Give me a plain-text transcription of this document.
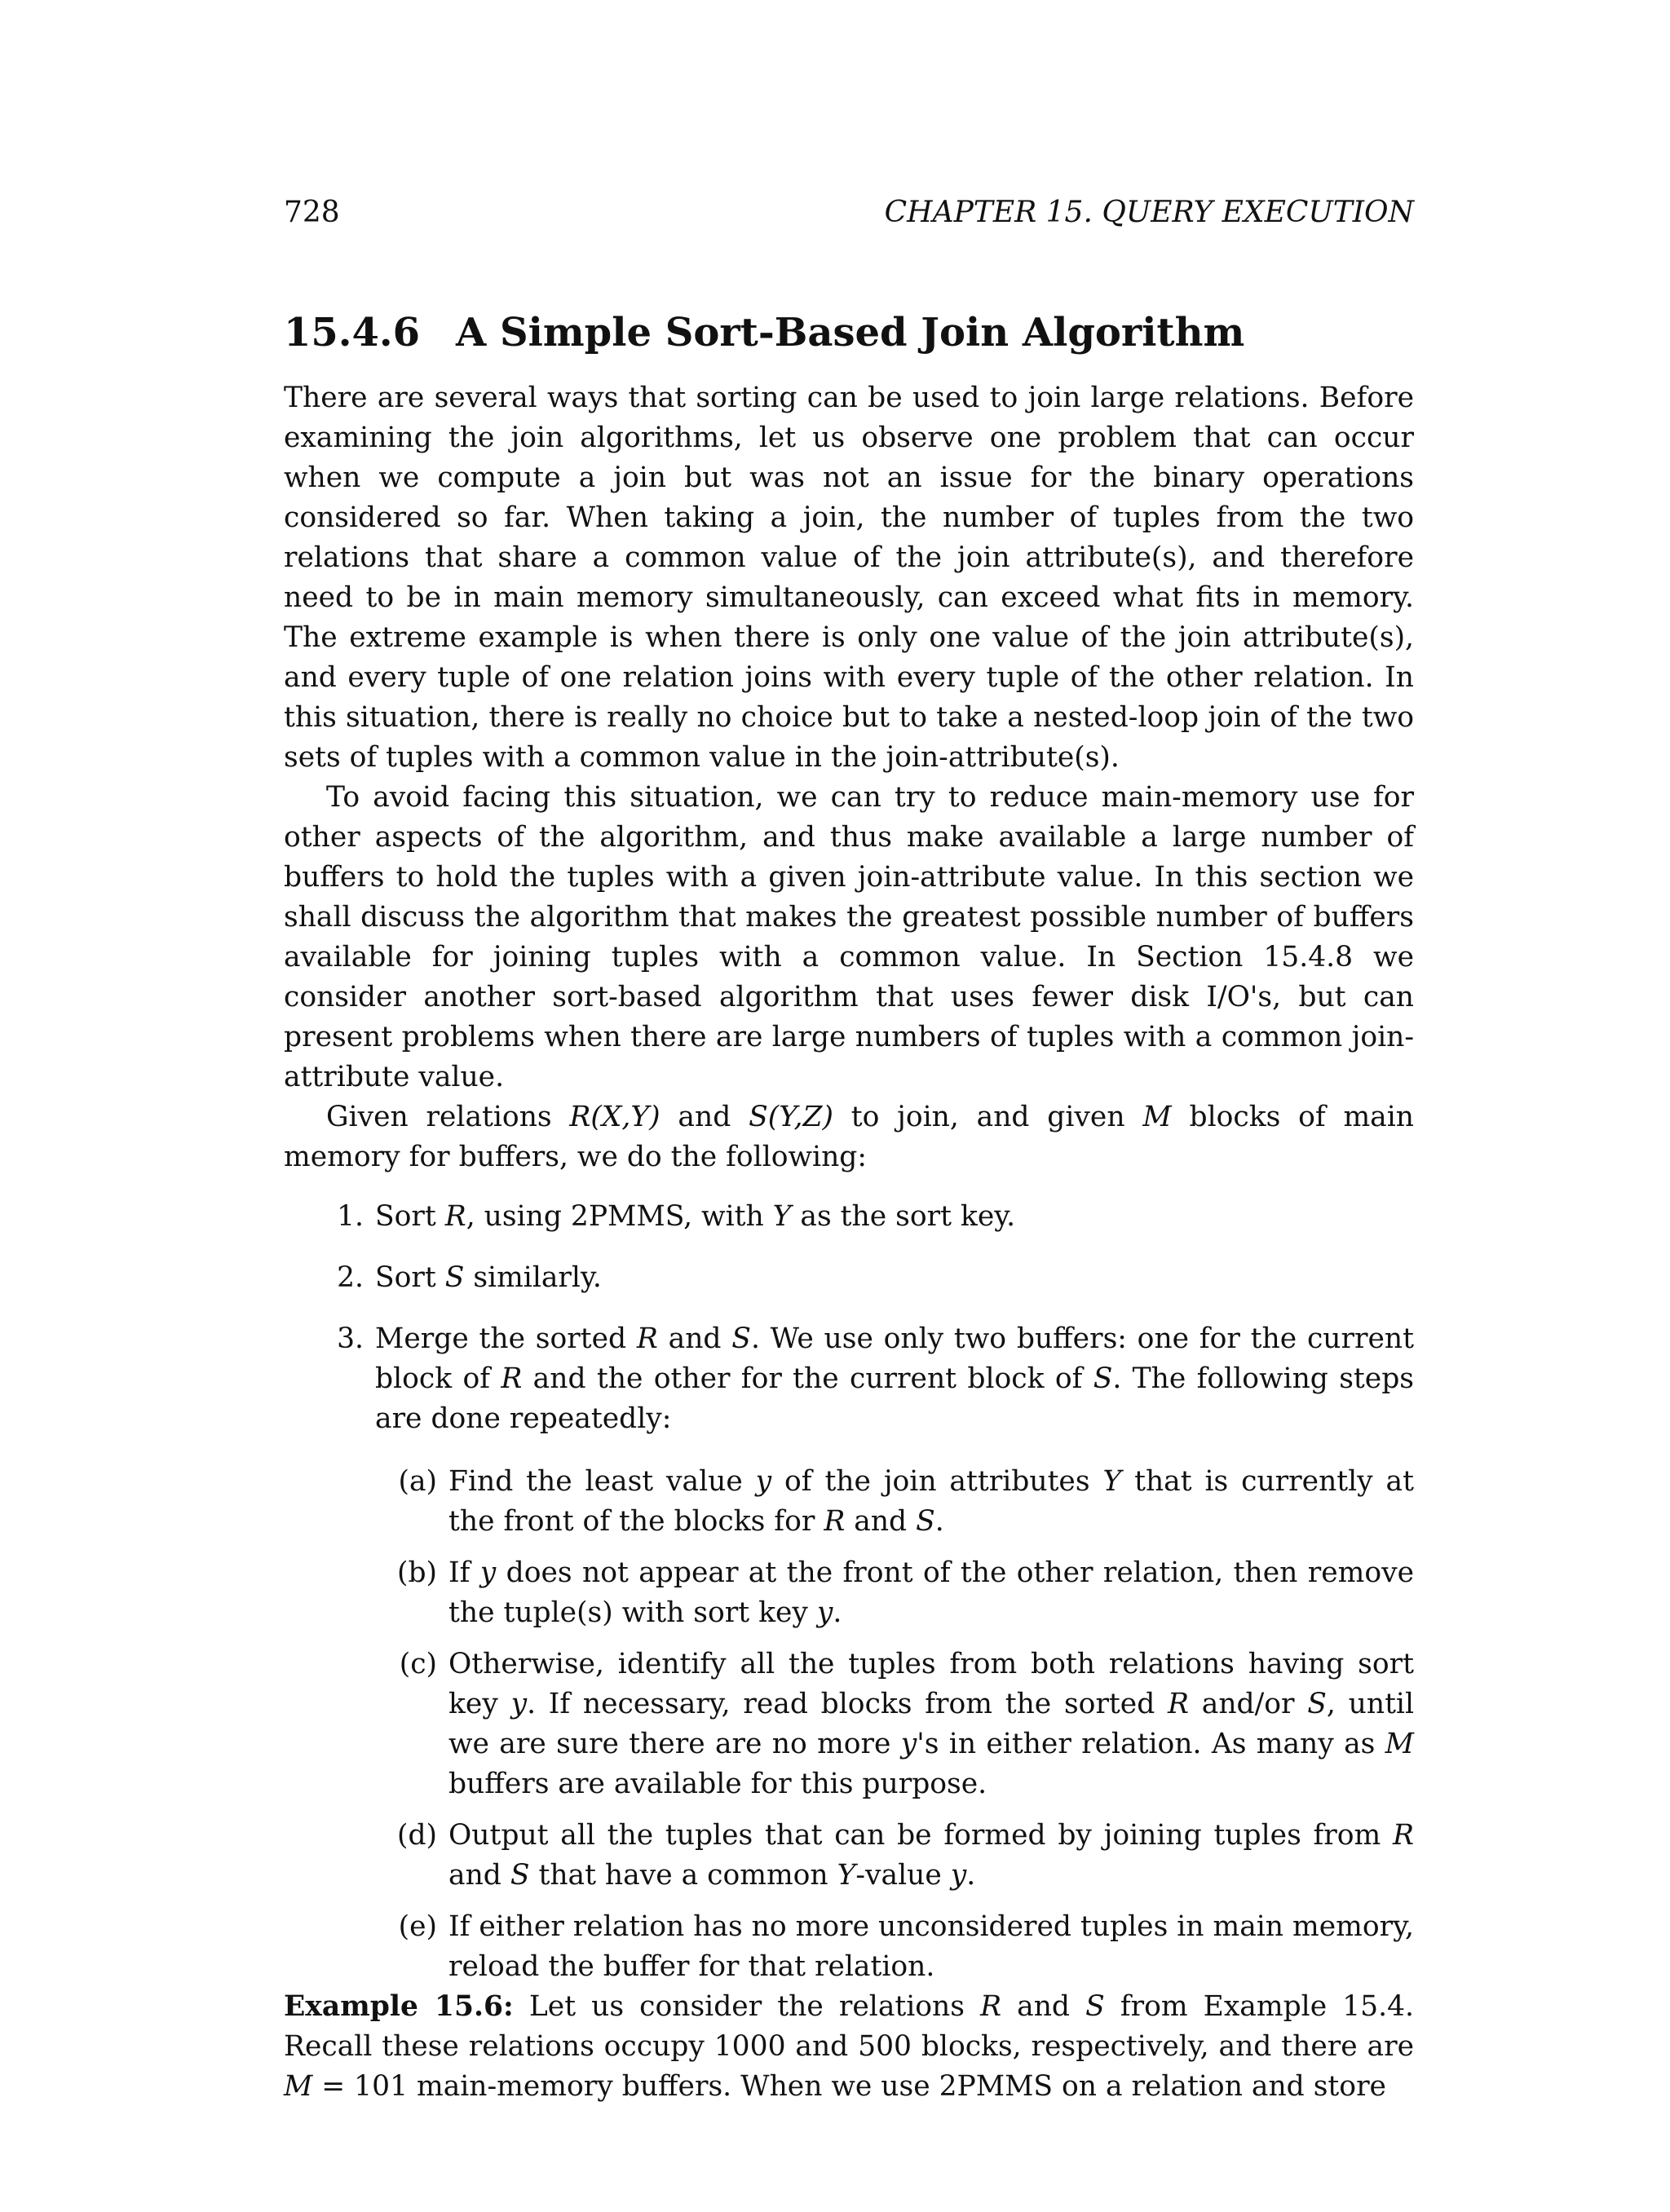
728	CHAPTER 15. QUERY EXECUTION
15.4.6 A Simple Sort-Based Join Algorithm

There are several ways that sorting can be used to join large relations. Before examining the join algorithms, let us observe one problem that can occur when we compute a join but was not an issue for the binary operations considered so far. When taking a join, the number of tuples from the two relations that share a common value of the join attribute(s), and therefore need to be in main memory simultaneously, can exceed what fits in memory. The extreme example is when there is only one value of the join attribute(s), and every tuple of one relation joins with every tuple of the other relation. In this situation, there is really no choice but to take a nested-loop join of the two sets of tuples with a common value in the join-attribute(s).

To avoid facing this situation, we can try to reduce main-memory use for other aspects of the algorithm, and thus make available a large number of buffers to hold the tuples with a given join-attribute value. In this section we shall discuss the algorithm that makes the greatest possible number of buffers available for joining tuples with a common value. In Section 15.4.8 we consider another sort-based algorithm that uses fewer disk I/O's, but can present problems when there are large numbers of tuples with a common join-attribute value.

Given relations R(X,Y) and S(Y,Z) to join, and given M blocks of main memory for buffers, we do the following:

1. Sort R, using 2PMMS, with Y as the sort key.
2. Sort S similarly.
3. Merge the sorted R and S. We use only two buffers: one for the current block of R and the other for the current block of S. The following steps are done repeatedly:
(a) Find the least value y of the join attributes Y that is currently at the front of the blocks for R and S.
(b) If y does not appear at the front of the other relation, then remove the tuple(s) with sort key y.
(c) Otherwise, identify all the tuples from both relations having sort key y. If necessary, read blocks from the sorted R and/or S, until we are sure there are no more y's in either relation. As many as M buffers are available for this purpose.
(d) Output all the tuples that can be formed by joining tuples from R and S that have a common Y-value y.
(e) If either relation has no more unconsidered tuples in main memory, reload the buffer for that relation.

Example 15.6: Let us consider the relations R and S from Example 15.4. Recall these relations occupy 1000 and 500 blocks, respectively, and there are M = 101 main-memory buffers. When we use 2PMMS on a relation and store
